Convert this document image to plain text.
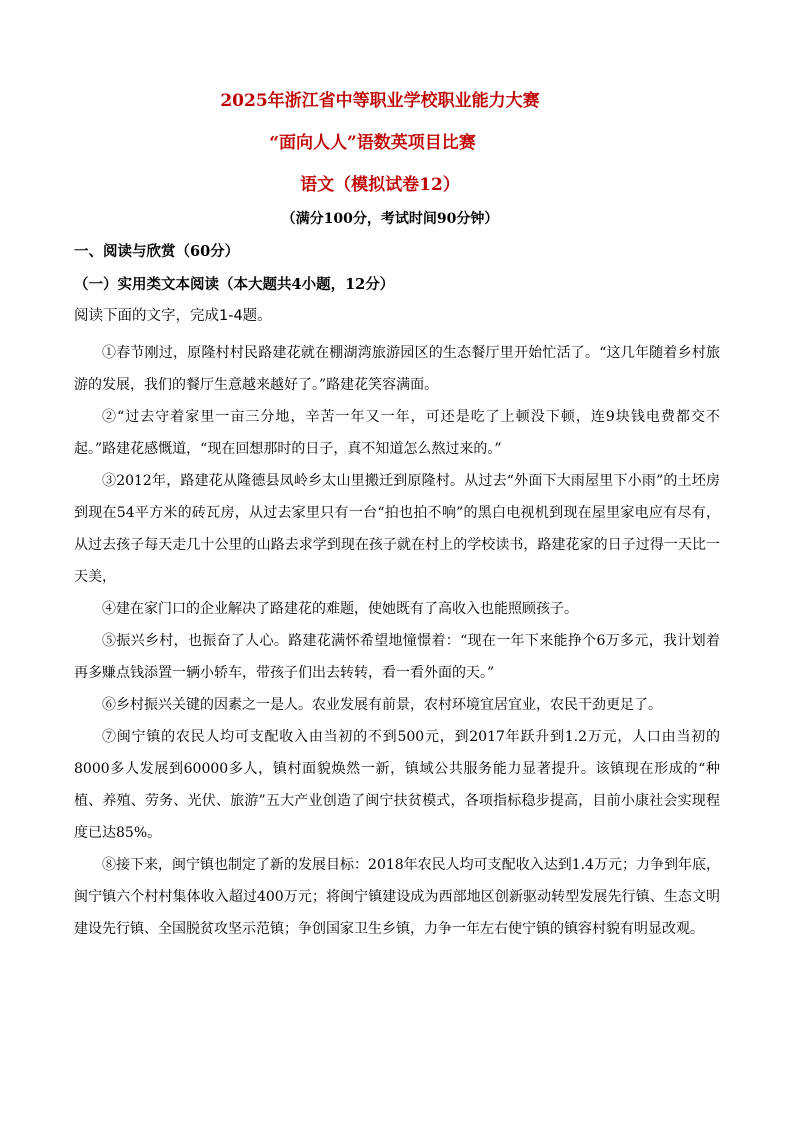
2025年浙江省中等职业学校职业能力大赛
“面向人人”语数英项目比赛
语文（模拟试卷12）
（满分100分，考试时间90分钟）
一、阅读与欣赏（60分）
（一）实用类文本阅读（本大题共4小题，12分）
阅读下面的文字，完成1-4题。

①春节刚过，原隆村村民路建花就在棚湖湾旅游园区的生态餐厅里开始忙活了。“这几年随着乡村旅游的发展，我们的餐厅生意越来越好了。”路建花笑容满面。

②“过去守着家里一亩三分地，辛苦一年又一年，可还是吃了上顿没下顿，连9块钱电费都交不起。”路建花感慨道，“现在回想那时的日子，真不知道怎么熬过来的。”

③2012年，路建花从隆德县凤岭乡太山里搬迁到原隆村。从过去“外面下大雨屋里下小雨”的土坯房到现在54平方米的砖瓦房，从过去家里只有一台“拍也拍不响”的黑白电视机到现在屋里家电应有尽有，从过去孩子每天走几十公里的山路去求学到现在孩子就在村上的学校读书，路建花家的日子过得一天比一天美，

④建在家门口的企业解决了路建花的难题，使她既有了高收入也能照顾孩子。

⑤振兴乡村，也振奋了人心。路建花满怀希望地憧憬着：“现在一年下来能挣个6万多元，我计划着再多赚点钱添置一辆小轿车，带孩子们出去转转，看一看外面的天。”

⑥乡村振兴关键的因素之一是人。农业发展有前景，农村环境宜居宜业，农民干劲更足了。

⑦闽宁镇的农民人均可支配收入由当初的不到500元，到2017年跃升到1.2万元，人口由当初的8000多人发展到60000多人，镇村面貌焕然一新，镇域公共服务能力显著提升。该镇现在形成的“种植、养殖、劳务、光伏、旅游”五大产业创造了闽宁扶贫模式，各项指标稳步提高，目前小康社会实现程度已达85%。

⑧接下来，闽宁镇也制定了新的发展目标：2018年农民人均可支配收入达到1.4万元；力争到年底，闽宁镇六个村村集体收入超过400万元；将闽宁镇建设成为西部地区创新驱动转型发展先行镇、生态文明建设先行镇、全国脱贫攻坚示范镇；争创国家卫生乡镇，力争一年左右使宁镇的镇容村貌有明显改观。
